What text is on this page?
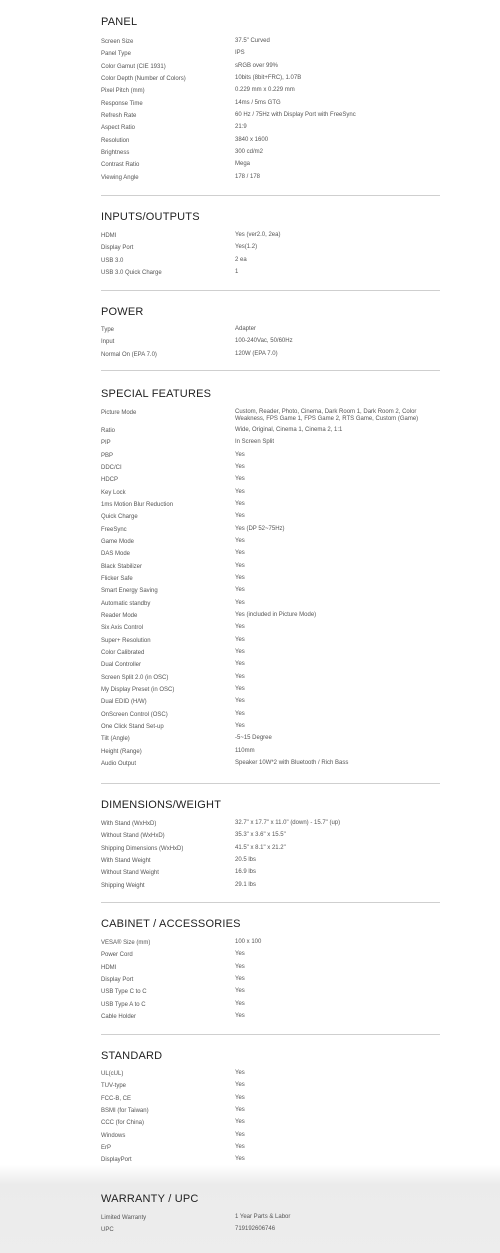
PANEL
Screen Size	37.5" Curved
Panel Type	IPS
Color Gamut (CIE 1931)	sRGB over 99%
Color Depth (Number of Colors)	10bits (8bit+FRC), 1.07B
Pixel Pitch (mm)	0.229 mm x 0.229 mm
Response Time	14ms / 5ms GTG
Refresh Rate	60 Hz / 75Hz with Display Port with FreeSync
Aspect Ratio	21:9
Resolution	3840 x 1600
Brightness	300 cd/m2
Contrast Ratio	Mega
Viewing Angle	178 / 178
INPUTS/OUTPUTS
HDMI	Yes (ver2.0, 2ea)
Display Port	Yes(1.2)
USB 3.0	2 ea
USB 3.0 Quick Charge	1
POWER
Type	Adapter
Input	100-240Vac, 50/60Hz
Normal On (EPA 7.0)	120W (EPA 7.0)
SPECIAL FEATURES
Picture Mode	Custom, Reader, Photo, Cinema, Dark Room 1, Dark Room 2, Color Weakness, FPS Game 1, FPS Game 2, RTS Game, Custom (Game)
Ratio	Wide, Original, Cinema 1, Cinema 2, 1:1
PIP	In Screen Split
PBP	Yes
DDC/CI	Yes
HDCP	Yes
Key Lock	Yes
1ms Motion Blur Reduction	Yes
Quick Charge	Yes
FreeSync	Yes (DP 52~75Hz)
Game Mode	Yes
DAS Mode	Yes
Black Stabilizer	Yes
Flicker Safe	Yes
Smart Energy Saving	Yes
Automatic standby	Yes
Reader Mode	Yes (included in Picture Mode)
Six Axis Control	Yes
Super+ Resolution	Yes
Color Calibrated	Yes
Dual Controller	Yes
Screen Split 2.0 (in OSC)	Yes
My Display Preset (in OSC)	Yes
Dual EDID (H/W)	Yes
OnScreen Control (OSC)	Yes
One Click Stand Set-up	Yes
Tilt (Angle)	-5~15 Degree
Height (Range)	110mm
Audio Output	Speaker 10W*2 with Bluetooth / Rich Bass
DIMENSIONS/WEIGHT
With Stand (WxHxD)	32.7" x 17.7" x 11.0" (down) - 15.7" (up)
Without Stand (WxHxD)	35.3" x 3.6" x 15.5"
Shipping Dimensions (WxHxD)	41.5" x 8.1" x 21.2"
With Stand Weight	20.5 lbs
Without Stand Weight	16.9 lbs
Shipping Weight	29.1 lbs
CABINET / ACCESSORIES
VESA® Size (mm)	100 x 100
Power Cord	Yes
HDMI	Yes
Display Port	Yes
USB Type C to C	Yes
USB Type A to C	Yes
Cable Holder	Yes
STANDARD
UL(cUL)	Yes
TUV-type	Yes
FCC-B, CE	Yes
BSMI (for Taiwan)	Yes
CCC (for China)	Yes
Windows	Yes
ErP	Yes
DisplayPort	Yes
WARRANTY / UPC
Limited Warranty	1 Year Parts & Labor
UPC	719192606746
